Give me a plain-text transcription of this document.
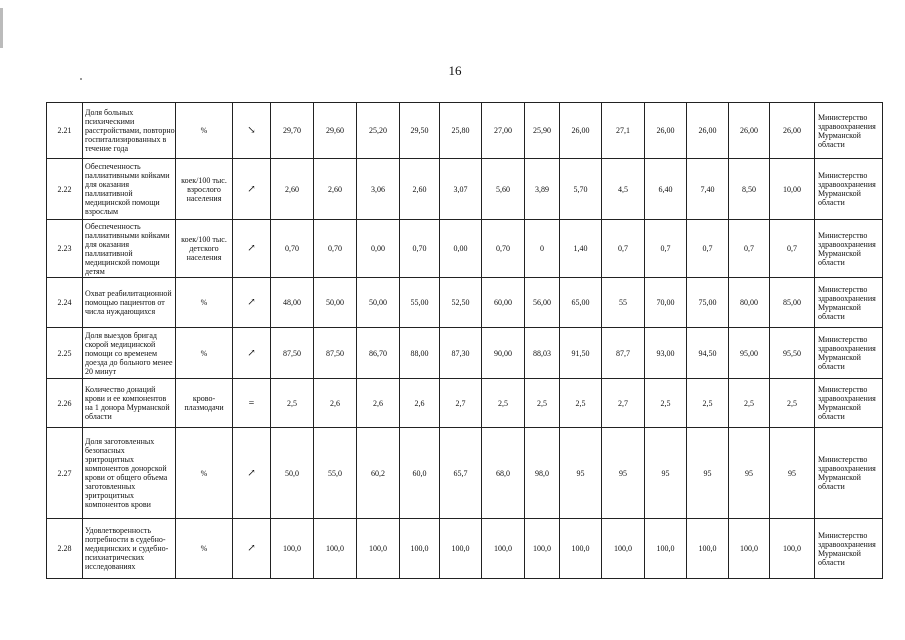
16
2.21	Доля больных психическими расстройствами, повторно госпитализированных в течение года	%	↘	29,70	29,60	25,20	29,50	25,80	27,00	25,90	26,00	27,1	26,00	26,00	26,00	26,00	Министерство здравоохранения Мурманской области
2.22	Обеспеченность паллиативными койками для оказания паллиативной медицинской помощи взрослым	коек/100 тыс. взрослого населения	↗	2,60	2,60	3,06	2,60	3,07	5,60	3,89	5,70	4,5	6,40	7,40	8,50	10,00	Министерство здравоохранения Мурманской области
2.23	Обеспеченность паллиативными койками для оказания паллиативной медицинской помощи детям	коек/100 тыс. детского населения	↗	0,70	0,70	0,00	0,70	0,00	0,70	0	1,40	0,7	0,7	0,7	0,7	0,7	Министерство здравоохранения Мурманской области
2.24	Охват реабилитационной помощью пациентов от числа нуждающихся	%	↗	48,00	50,00	50,00	55,00	52,50	60,00	56,00	65,00	55	70,00	75,00	80,00	85,00	Министерство здравоохранения Мурманской области
2.25	Доля выездов бригад скорой медицинской помощи со временем доезда до больного менее 20 минут	%	↗	87,50	87,50	86,70	88,00	87,30	90,00	88,03	91,50	87,7	93,00	94,50	95,00	95,50	Министерство здравоохранения Мурманской области
2.26	Количество донаций крови и ее компонентов на 1 донора Мурманской области	крово-плазмодачи	=	2,5	2,6	2,6	2,6	2,7	2,5	2,5	2,5	2,7	2,5	2,5	2,5	2,5	Министерство здравоохранения Мурманской области
2.27	Доля заготовленных безопасных эритроцитных компонентов донорской крови от общего объема заготовленных эритроцитных компонентов крови	%	↗	50,0	55,0	60,2	60,0	65,7	68,0	98,0	95	95	95	95	95	95	Министерство здравоохранения Мурманской области
2.28	Удовлетворенность потребности в судебно-медицинских и судебно-психиатрических исследованиях	%	↗	100,0	100,0	100,0	100,0	100,0	100,0	100,0	100,0	100,0	100,0	100,0	100,0	100,0	Министерство здравоохранения Мурманской области
